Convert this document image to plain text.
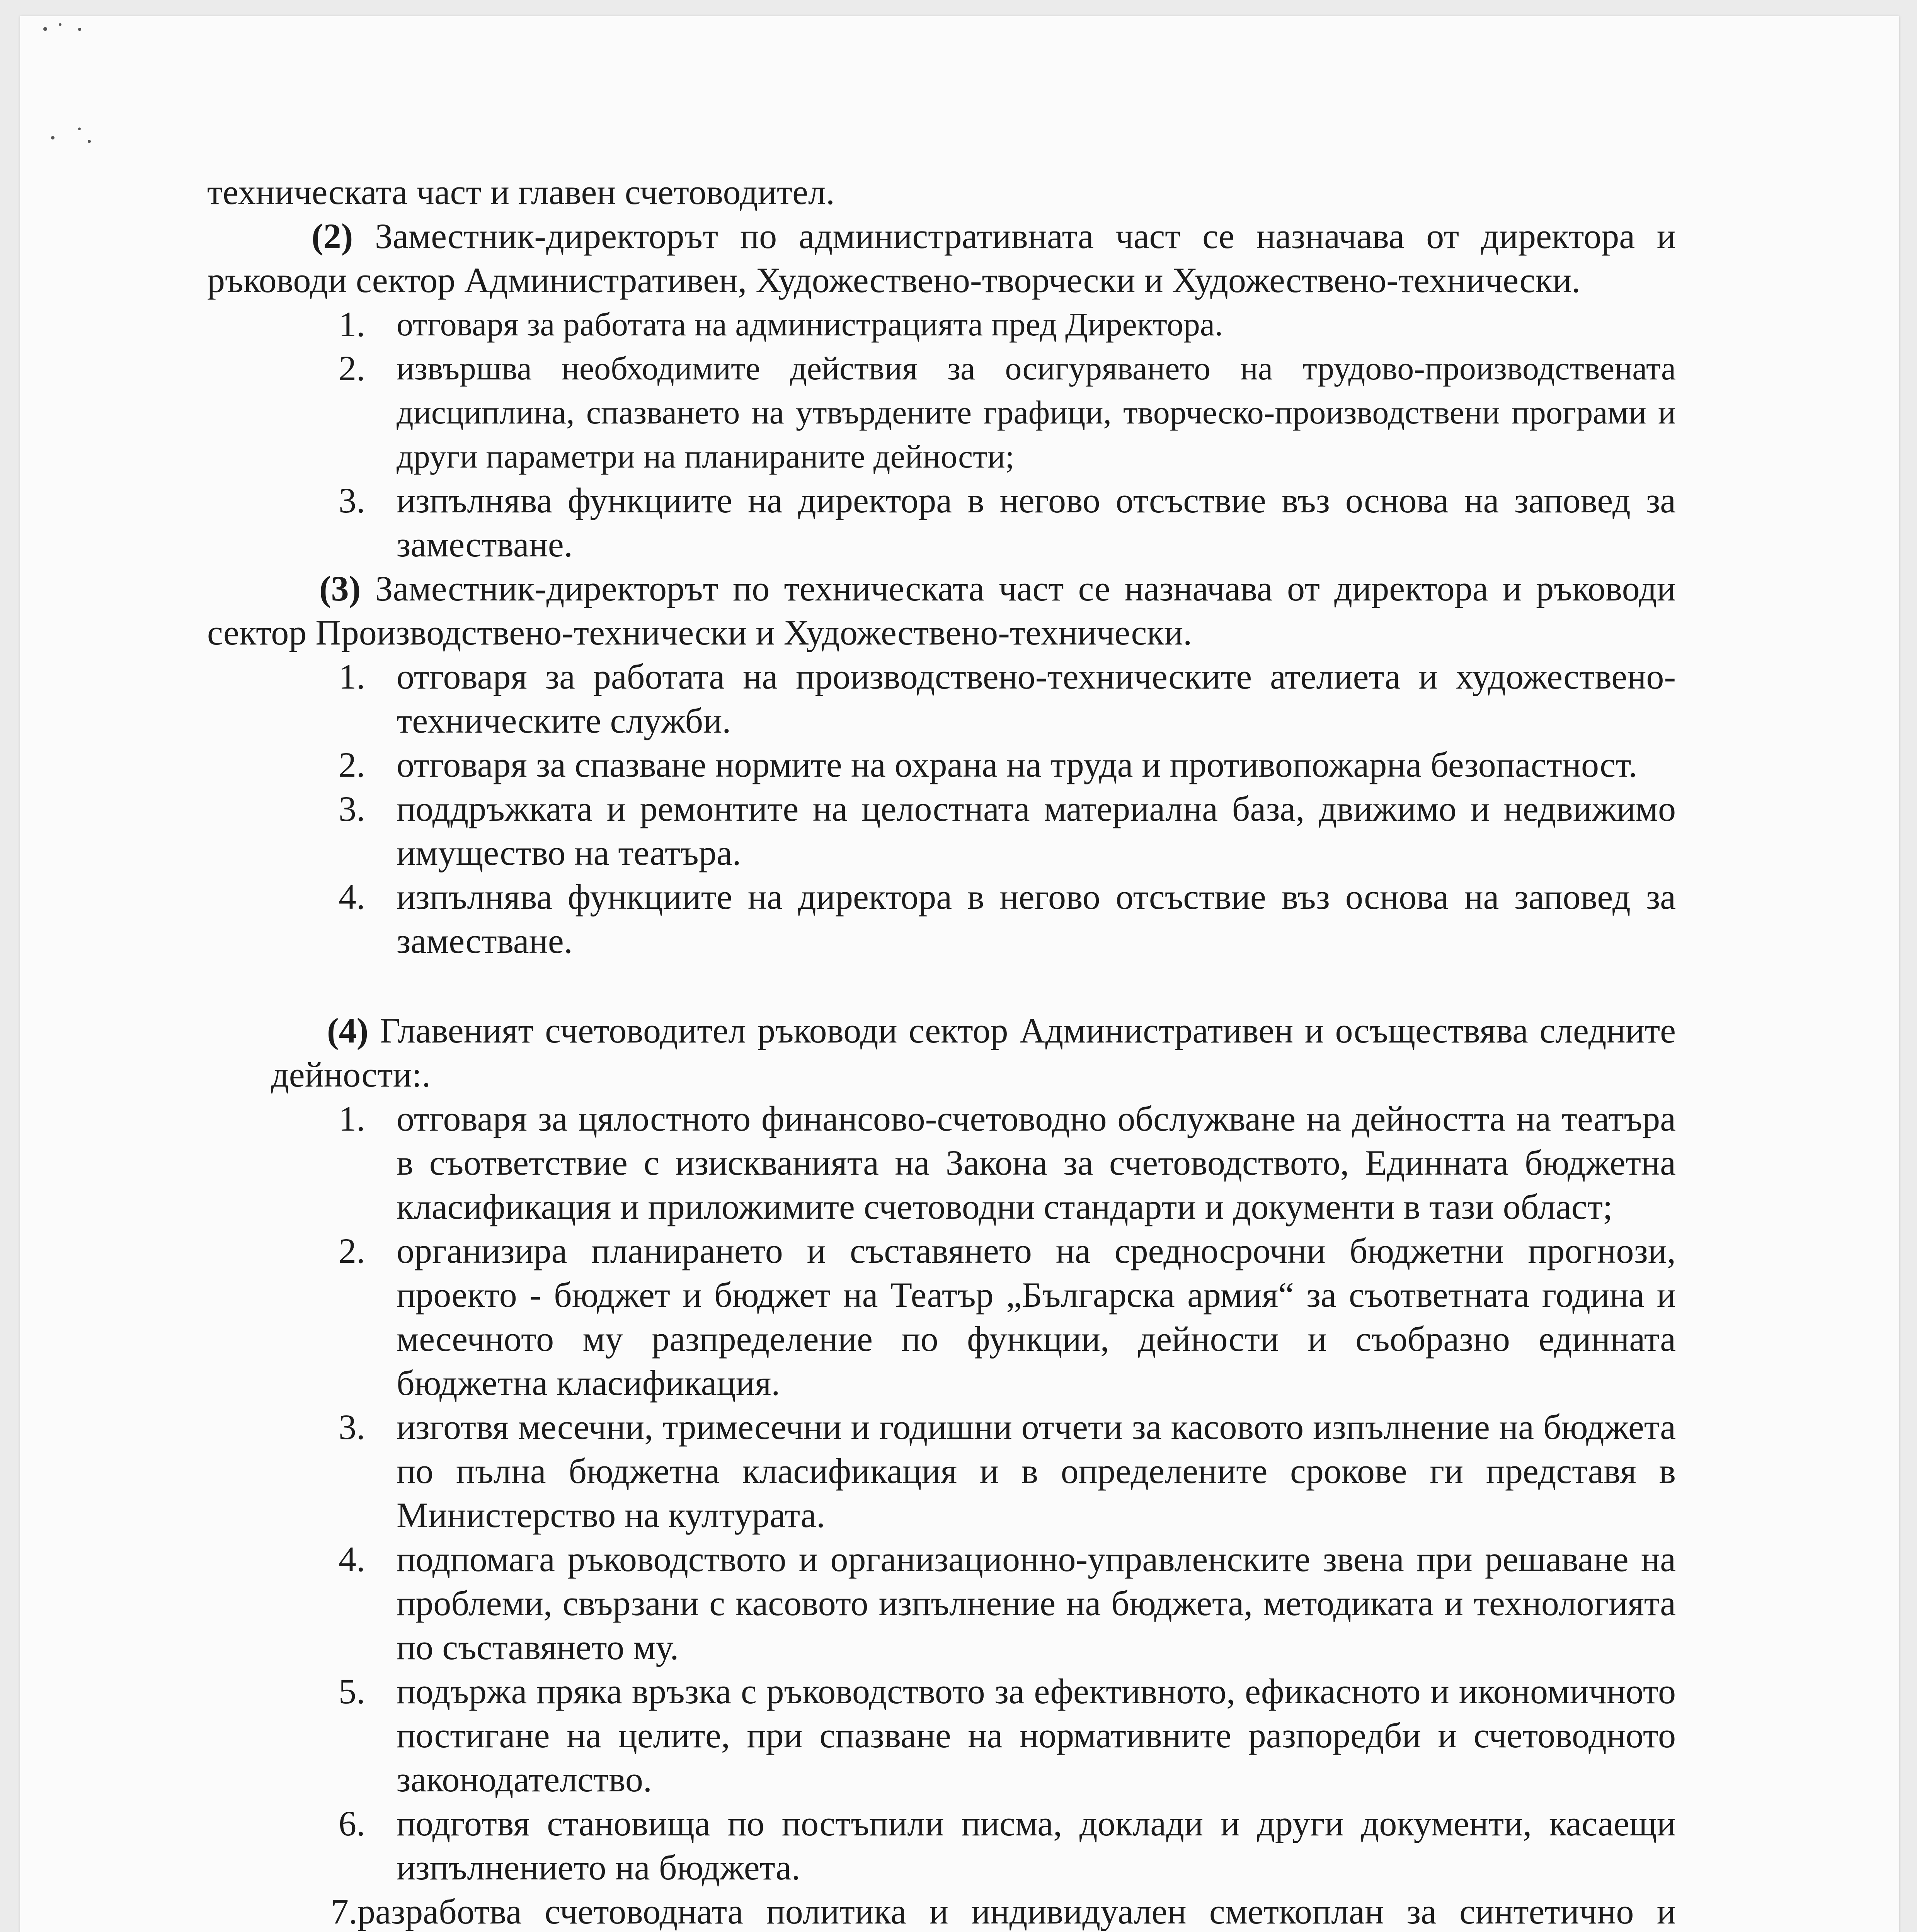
техническата част и главен счетоводител.

(2) Заместник-директорът по административната част се назначава от директора и ръководи сектор Административен, Художествено-творчески и Художествено-технически.

1. отговаря за работата на администрацията пред Директора.
2. извършва необходимите действия за осигуряването на трудово-производствената дисциплина, спазването на утвърдените графици, творческо-производствени програми и други параметри на планираните дейности;
3. изпълнява функциите на директора в негово отсъствие въз основа на заповед за заместване.

(3) Заместник-директорът по техническата част се назначава от директора и ръководи сектор Производствено-технически и Художествено-технически.

1. отговаря за работата на производствено-техническите ателиета и художествено-техническите служби.
2. отговаря за спазване нормите на охрана на труда и противопожарна безопастност.
3. поддръжката и ремонтите на целостната материална база, движимо и недвижимо имущество на театъра.
4. изпълнява функциите на директора в негово отсъствие въз основа на заповед за заместване.

(4) Главеният счетоводител ръководи сектор Административен и осъществява следните дейности:.

1. отговаря за цялостното финансово-счетоводно обслужване на дейността на театъра в съответствие с изискванията на Закона за счетоводството, Единната бюджетна класификация и приложимите счетоводни стандарти и документи в тази област;
2. организира планирането и съставянето на средносрочни бюджетни прогнози, проекто - бюджет и бюджет на Театър „Българска армия“ за съответната година и месечното му разпределение по функции, дейности и съобразно единната бюджетна класификация.
3. изготвя месечни, тримесечни и годишни отчети за касовото изпълнение на бюджета по пълна бюджетна класификация и в определените срокове ги представя в Министерство на културата.
4. подпомага ръководството и организационно-управленските звена при решаване на проблеми, свързани с касовото изпълнение на бюджета, методиката и технологията по съставянето му.
5. подържа пряка връзка с ръководството за ефективното, ефикасното и икономичното постигане на целите, при спазване на нормативните разпоредби и счетоводното законодателство.
6. подготвя становища по постъпили писма, доклади и други документи, касаещи изпълнението на бюджета.

7.разработва счетоводната политика и индивидуален сметкоплан за синтетично и
